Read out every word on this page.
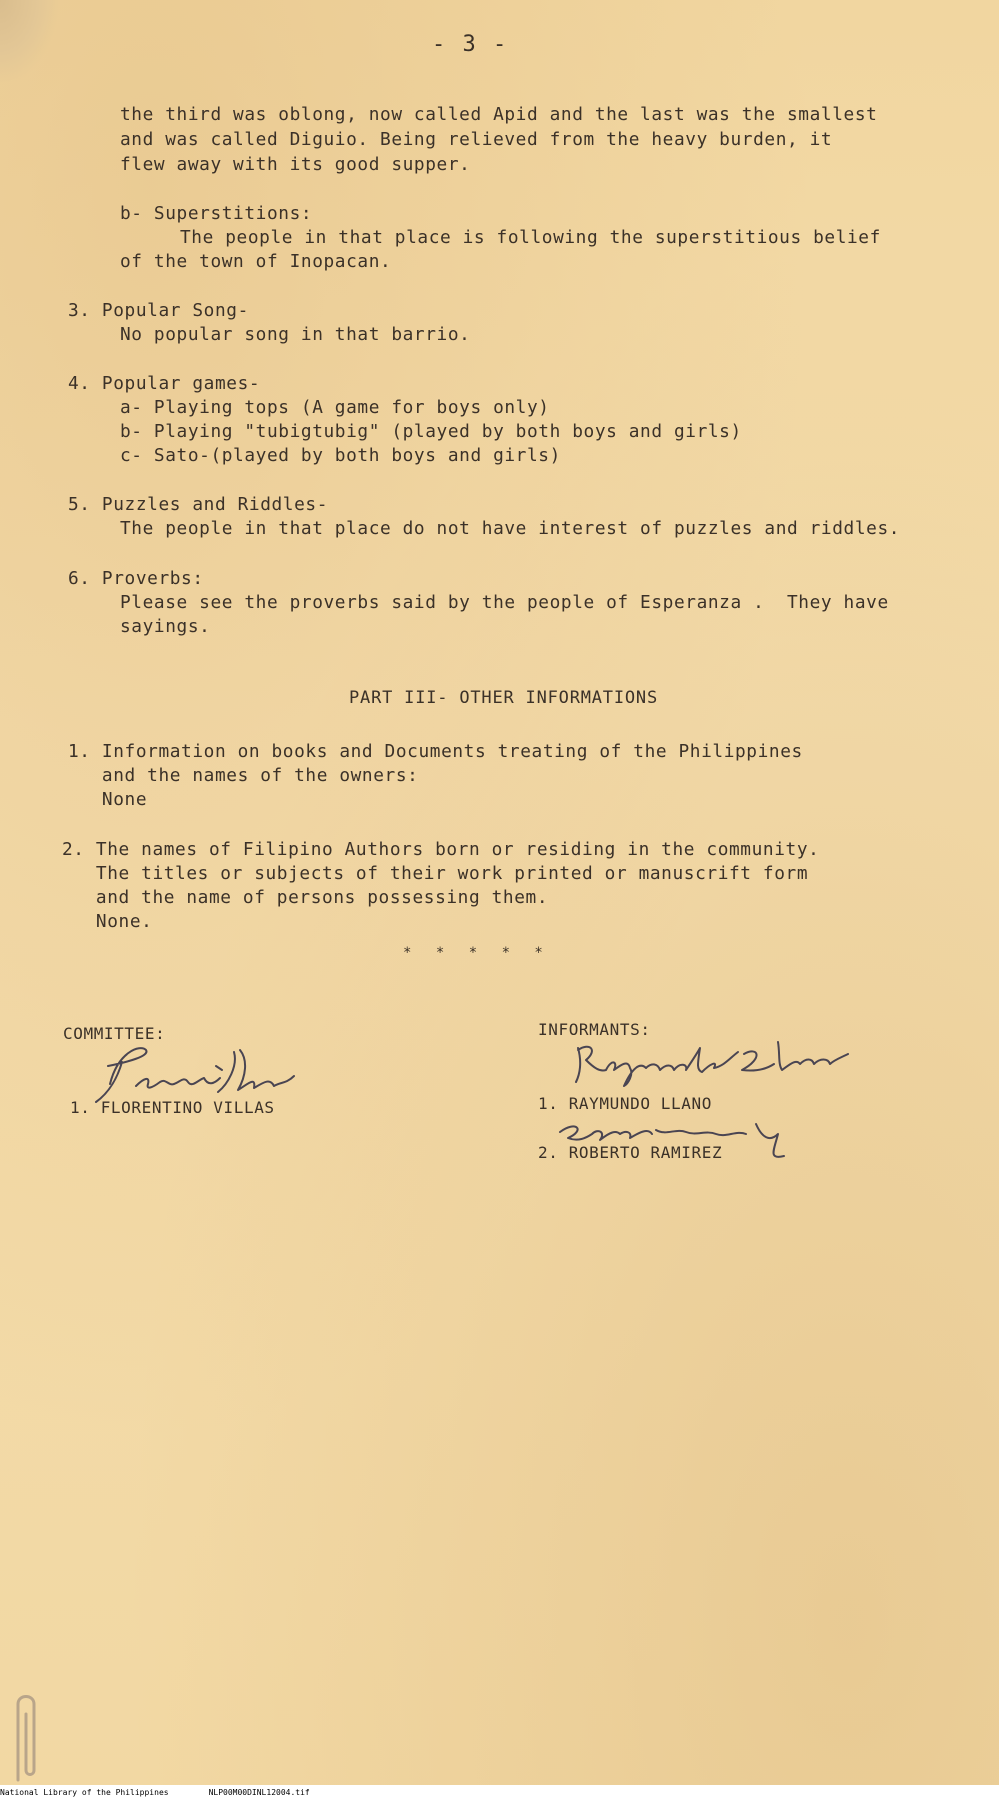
- 3 -
the third was oblong, now called Apid and the last was the smallest
and was called Diguio. Being relieved from the heavy burden, it
flew away with its good supper.
b- Superstitions:
The people in that place is following the superstitious belief
of the town of Inopacan.
3. Popular Song-
No popular song in that barrio.
4. Popular games-
a- Playing tops (A game for boys only)
b- Playing "tubigtubig" (played by both boys and girls)
c- Sato-(played by both boys and girls)
5. Puzzles and Riddles-
The people in that place do not have interest of puzzles and riddles.
6. Proverbs:
Please see the proverbs said by the people of Esperanza .  They have
sayings.
PART III- OTHER INFORMATIONS
1. Information on books and Documents treating of the Philippines
and the names of the owners:
None
2. The names of Filipino Authors born or residing in the community.
The titles or subjects of their work printed or manuscrift form
and the name of persons possessing them.
None.
* * * * *
COMMITTEE:
1. FLORENTINO VILLAS
INFORMANTS:
1. RAYMUNDO LLANO
2. ROBERTO RAMIREZ
National Library of the Philippines	NLP00M00DINL12004.tif
